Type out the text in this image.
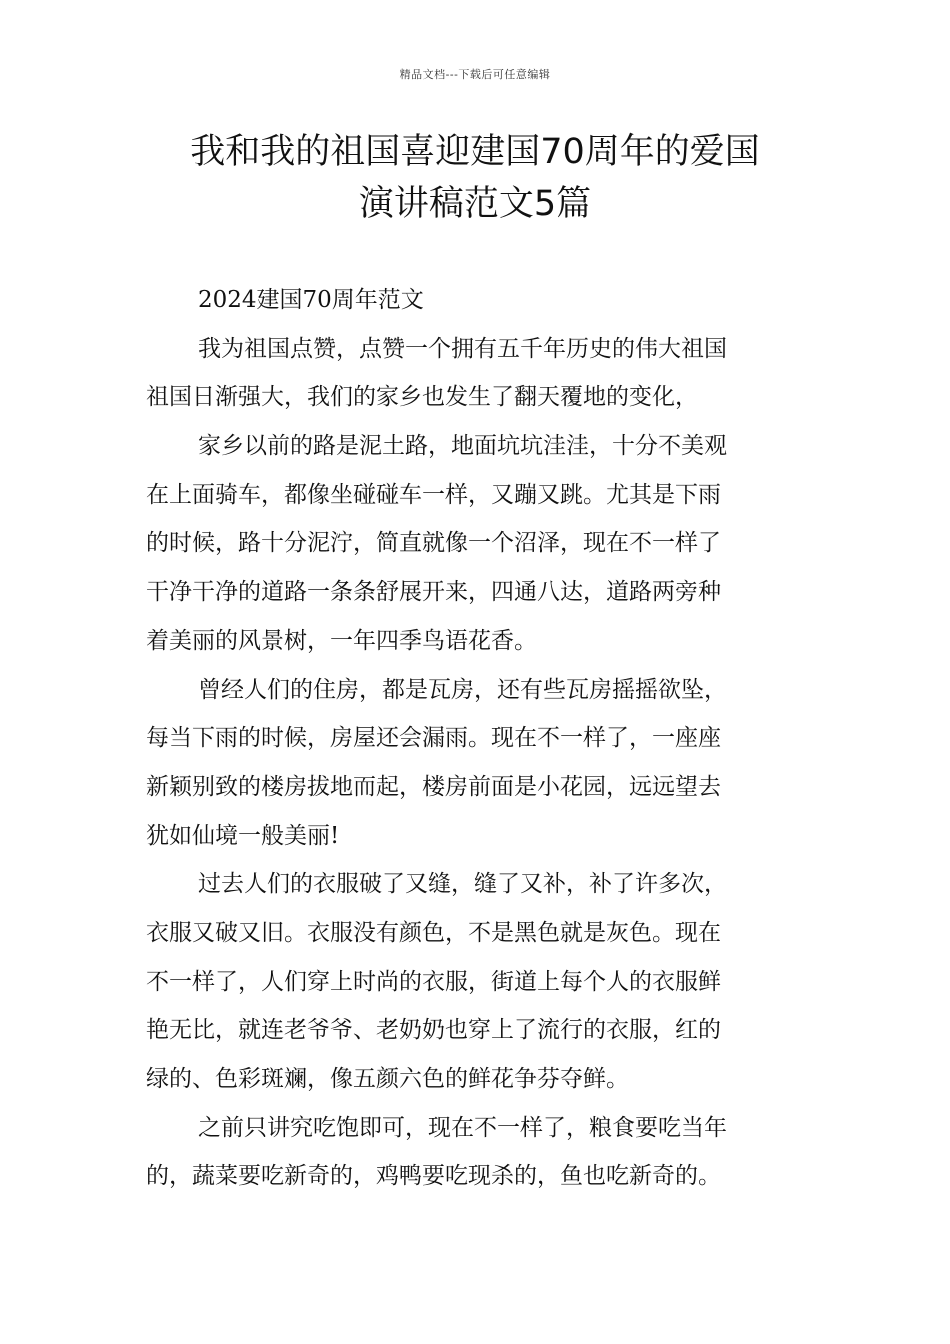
精品文档---下载后可任意编辑
我和我的祖国喜迎建国70周年的爱国
演讲稿范文5篇
2024建国70周年范文
我为祖国点赞，点赞一个拥有五千年历史的伟大祖国
祖国日渐强大，我们的家乡也发生了翻天覆地的变化，
家乡以前的路是泥土路，地面坑坑洼洼，十分不美观
在上面骑车，都像坐碰碰车一样，又蹦又跳。尤其是下雨
的时候，路十分泥泞，简直就像一个沼泽，现在不一样了
干净干净的道路一条条舒展开来，四通八达，道路两旁种
着美丽的风景树，一年四季鸟语花香。
曾经人们的住房，都是瓦房，还有些瓦房摇摇欲坠，
每当下雨的时候，房屋还会漏雨。现在不一样了，一座座
新颖别致的楼房拔地而起，楼房前面是小花园，远远望去
犹如仙境一般美丽!
过去人们的衣服破了又缝，缝了又补，补了许多次，
衣服又破又旧。衣服没有颜色，不是黑色就是灰色。现在
不一样了，人们穿上时尚的衣服，街道上每个人的衣服鲜
艳无比，就连老爷爷、老奶奶也穿上了流行的衣服，红的
绿的、色彩斑斓，像五颜六色的鲜花争芬夺鲜。
之前只讲究吃饱即可，现在不一样了，粮食要吃当年
的，蔬菜要吃新奇的，鸡鸭要吃现杀的，鱼也吃新奇的。
